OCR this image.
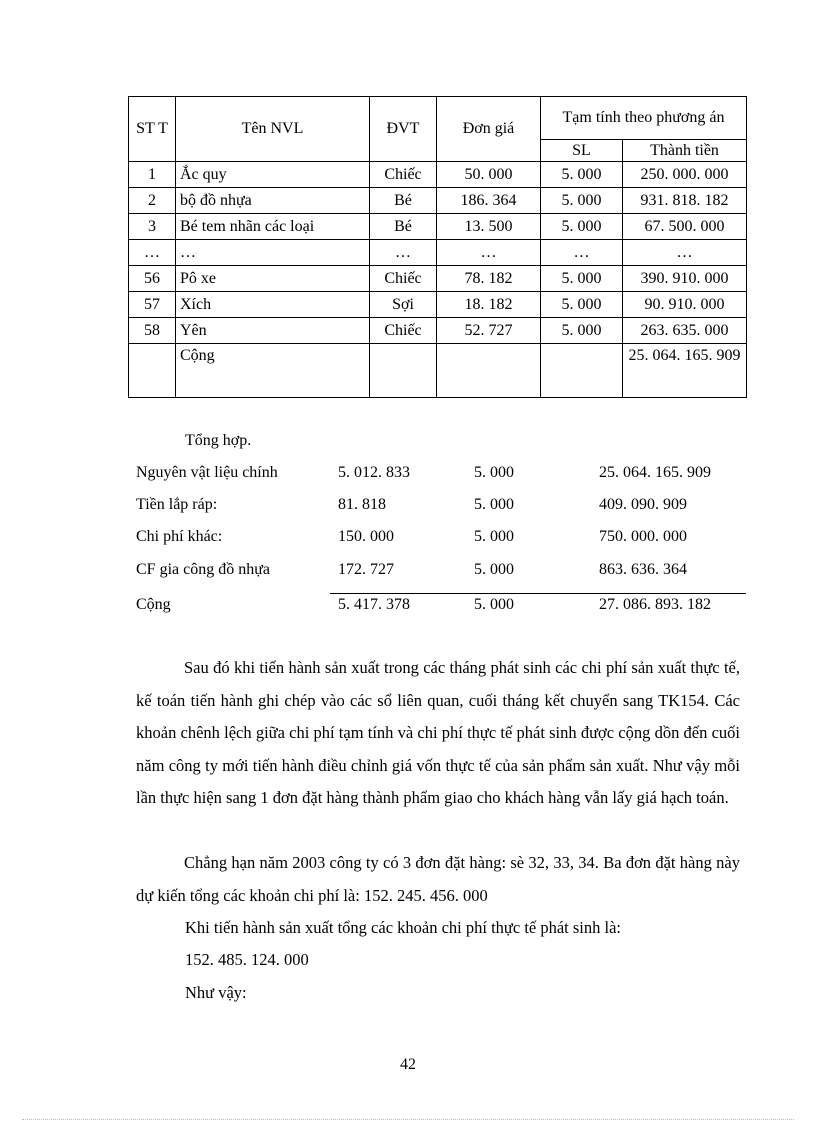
ST T	Tên NVL	ĐVT	Đơn giá	Tạm tính theo phương án	
				SL	Thành tiền
1	Ắc quy	Chiếc	50. 000	5. 000	250. 000. 000
2	bộ đồ nhựa	Bé	186. 364	5. 000	931. 818. 182
3	Bé tem nhãn các loại	Bé	13. 500	5. 000	67. 500. 000
…	…	…	…	…	…
56	Pô xe	Chiếc	78. 182	5. 000	390. 910. 000
57	Xích	Sợi	18. 182	5. 000	90. 910. 000
58	Yên	Chiếc	52. 727	5. 000	263. 635. 000
	Cộng				25. 064. 165. 909
Tổng hợp.
Nguyên vật liệu chính	5. 012. 833	5. 000	25. 064. 165. 909
Tiền lắp ráp:	81. 818	5. 000	409. 090. 909
Chi phí khác:	150. 000	5. 000	750. 000. 000
CF gia công đồ nhựa	172. 727	5. 000	863. 636. 364
Cộng	5. 417. 378	5. 000	27. 086. 893. 182
Sau đó khi tiến hành sản xuất trong các tháng phát sinh các chi phí sản xuất thực tế, kế toán tiến hành ghi chép vào các sổ liên quan, cuối tháng kết chuyển sang TK154. Các khoản chênh lệch giữa chi phí tạm tính và chi phí thực tế phát sinh được cộng dồn đến cuối năm công ty mới tiến hành điều chỉnh giá vốn thực tế của sản phẩm sản xuất. Như vậy mỗi lần thực hiện sang 1 đơn đặt hàng thành phẩm giao cho khách hàng vẫn lấy giá hạch toán.
Chẳng hạn năm 2003 công ty có 3 đơn đặt hàng: sè 32, 33, 34. Ba đơn đặt hàng này dự kiến tổng các khoản chi phí là: 152. 245. 456. 000
Khi tiến hành sản xuất tổng các khoản chi phí thực tế phát sinh là:
152. 485. 124. 000
Như vậy:
42
